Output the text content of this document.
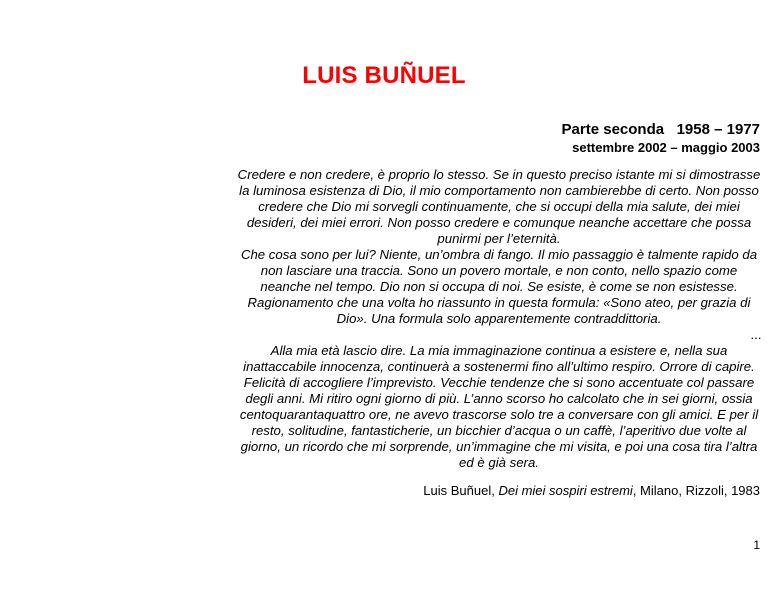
LUIS BUÑUEL
Parte seconda   1958 – 1977
settembre 2002 – maggio 2003

Credere e non credere, è proprio lo stesso. Se in questo preciso istante mi si dimostrasse la luminosa esistenza di Dio, il mio comportamento non cambierebbe di certo. Non posso credere che Dio mi sorvegli continuamente, che si occupi della mia salute, dei miei desideri, dei miei errori. Non posso credere e comunque neanche accettare che possa punirmi per l’eternità.

Che cosa sono per lui? Niente, un’ombra di fango. Il mio passaggio è talmente rapido da non lasciare una traccia. Sono un povero mortale, e non conto, nello spazio come neanche nel tempo. Dio non si occupa di noi. Se esiste, è come se non esistesse. Ragionamento che una volta ho riassunto in questa formula: «Sono ateo, per grazia di Dio». Una formula solo apparentemente contraddittoria.

...

Alla mia età lascio dire. La mia immaginazione continua a esistere e, nella sua inattaccabile innocenza, continuerà a sostenermi fino all’ultimo respiro. Orrore di capire. Felicità di accogliere l’imprevisto. Vecchie tendenze che si sono accentuate col passare degli anni. Mi ritiro ogni giorno di più. L’anno scorso ho calcolato che in sei giorni, ossia centoquarantaquattro ore, ne avevo trascorse solo tre a conversare con gli amici. E per il resto, solitudine, fantasticherie, un bicchier d’acqua o un caffè, l’aperitivo due volte al giorno, un ricordo che mi sorprende, un’immagine che mi visita, e poi una cosa tira l’altra ed è già sera.

Luis Buñuel, Dei miei sospiri estremi, Milano, Rizzoli, 1983
1
